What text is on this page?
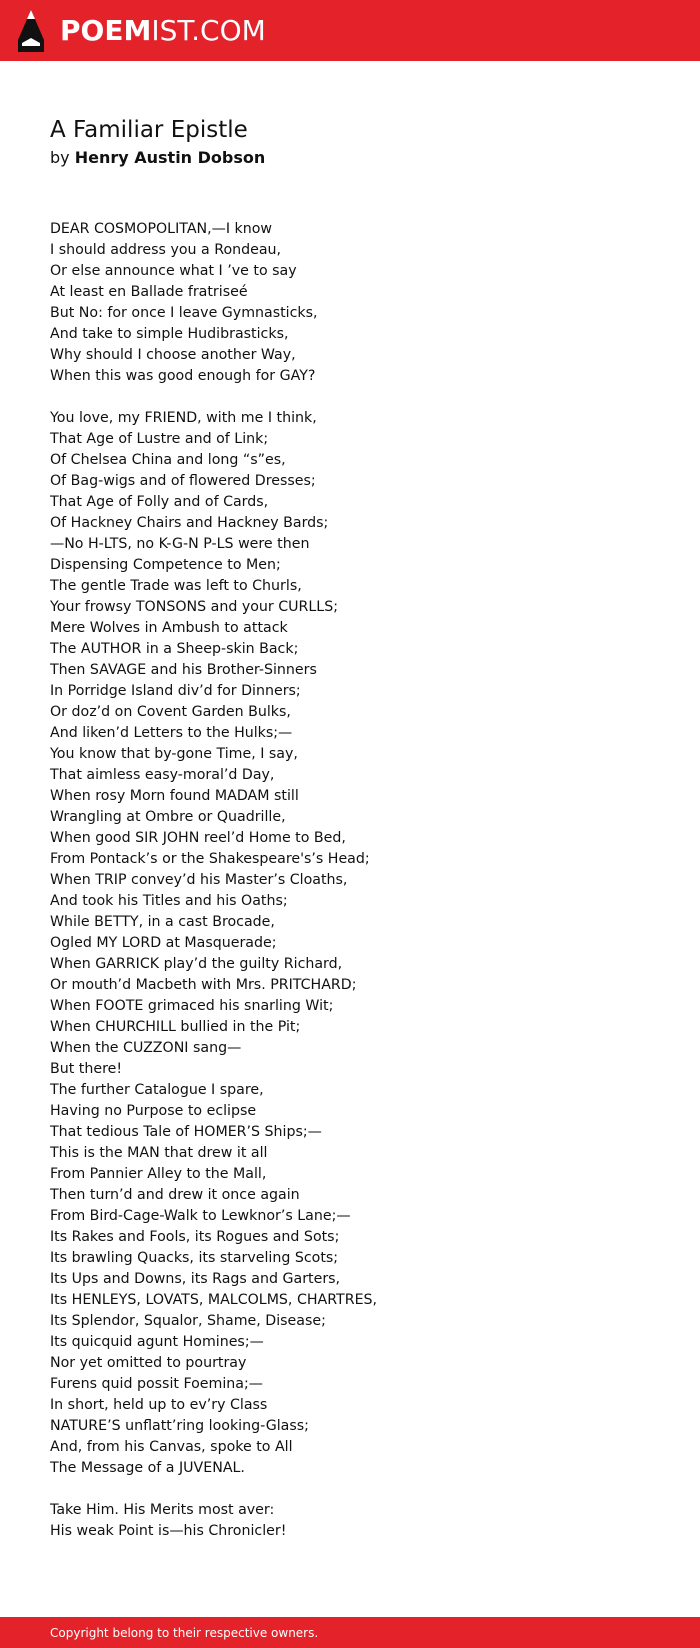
POEMIST.COM
A Familiar Epistle
by Henry Austin Dobson
DEAR COSMOPOLITAN,—I know
I should address you a Rondeau,
Or else announce what I ’ve to say
At least en Ballade fratriseé
But No: for once I leave Gymnasticks,
And take to simple Hudibrasticks,
Why should I choose another Way,
When this was good enough for GAY?
You love, my FRIEND, with me I think,
That Age of Lustre and of Link;
Of Chelsea China and long “s”es,
Of Bag-wigs and of flowered Dresses;
That Age of Folly and of Cards,
Of Hackney Chairs and Hackney Bards;
—No H-LTS, no K-G-N P-LS were then
Dispensing Competence to Men;
The gentle Trade was left to Churls,
Your frowsy TONSONS and your CURLLS;
Mere Wolves in Ambush to attack
The AUTHOR in a Sheep-skin Back;
Then SAVAGE and his Brother-Sinners
In Porridge Island div’d for Dinners;
Or doz’d on Covent Garden Bulks,
And liken’d Letters to the Hulks;—
You know that by-gone Time, I say,
That aimless easy-moral’d Day,
When rosy Morn found MADAM still
Wrangling at Ombre or Quadrille,
When good SIR JOHN reel’d Home to Bed,
From Pontack’s or the Shakespeare's’s Head;
When TRIP convey’d his Master’s Cloaths,
And took his Titles and his Oaths;
While BETTY, in a cast Brocade,
Ogled MY LORD at Masquerade;
When GARRICK play’d the guilty Richard,
Or mouth’d Macbeth with Mrs. PRITCHARD;
When FOOTE grimaced his snarling Wit;
When CHURCHILL bullied in the Pit;
When the CUZZONI sang—
But there!
The further Catalogue I spare,
Having no Purpose to eclipse
That tedious Tale of HOMER’S Ships;—
This is the MAN that drew it all
From Pannier Alley to the Mall,
Then turn’d and drew it once again
From Bird-Cage-Walk to Lewknor’s Lane;—
Its Rakes and Fools, its Rogues and Sots;
Its brawling Quacks, its starveling Scots;
Its Ups and Downs, its Rags and Garters,
Its HENLEYS, LOVATS, MALCOLMS, CHARTRES,
Its Splendor, Squalor, Shame, Disease;
Its quicquid agunt Homines;—
Nor yet omitted to pourtray
Furens quid possit Foemina;—
In short, held up to ev’ry Class
NATURE’S unflatt’ring looking-Glass;
And, from his Canvas, spoke to All
The Message of a JUVENAL.
Take Him. His Merits most aver:
His weak Point is—his Chronicler!
Copyright belong to their respective owners.
